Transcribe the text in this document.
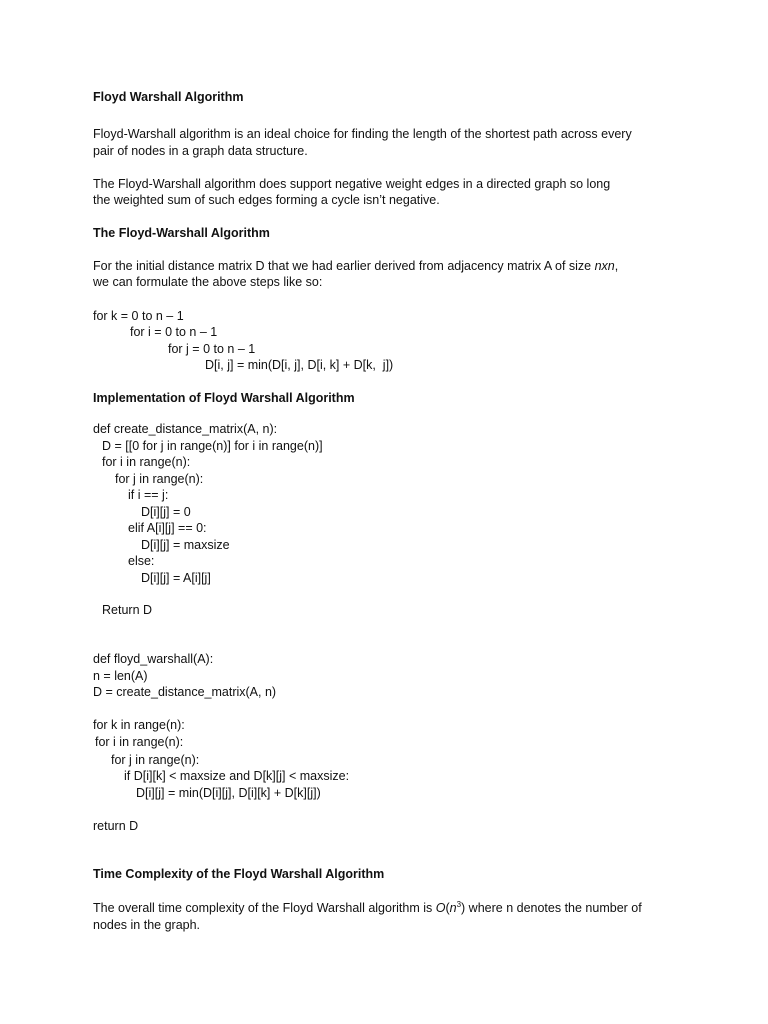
Floyd Warshall Algorithm
Floyd-Warshall algorithm is an ideal choice for finding the length of the shortest path across every
pair of nodes in a graph data structure.
The Floyd-Warshall algorithm does support negative weight edges in a directed graph so long
the weighted sum of such edges forming a cycle isn’t negative.
The Floyd-Warshall Algorithm
For the initial distance matrix D that we had earlier derived from adjacency matrix A of size nxn,
we can formulate the above steps like so:
for k = 0 to n – 1
for i = 0 to n – 1
for j = 0 to n – 1
D[i, j] = min(D[i, j], D[i, k] + D[k,  j])
Implementation of Floyd Warshall Algorithm
def create_distance_matrix(A, n):
D = [[0 for j in range(n)] for i in range(n)]
for i in range(n):
for j in range(n):
if i == j:
D[i][j] = 0
elif A[i][j] == 0:
D[i][j] = maxsize
else:
D[i][j] = A[i][j]
Return D
def floyd_warshall(A):
n = len(A)
D = create_distance_matrix(A, n)
for k in range(n):
for i in range(n):
for j in range(n):
if D[i][k] < maxsize and D[k][j] < maxsize:
D[i][j] = min(D[i][j], D[i][k] + D[k][j])
return D
Time Complexity of the Floyd Warshall Algorithm
The overall time complexity of the Floyd Warshall algorithm is $O(n^3)$ where n denotes the number of
nodes in the graph.
